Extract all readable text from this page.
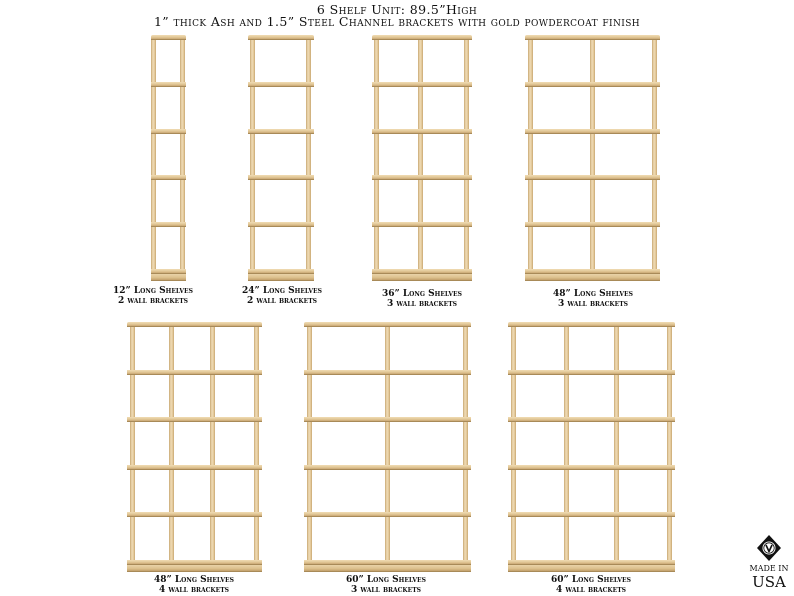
6 Shelf Unit: 89.5”High
1” thick Ash and 1.5” Steel Channel brackets with gold powdercoat finish
12” Long Shelves
2 wall brackets
24” Long Shelves
2 wall brackets
36” Long Shelves
3 wall brackets
48” Long Shelves
3 wall brackets
48” Long Shelves
4 wall brackets
60” Long Shelves
3 wall brackets
60” Long Shelves
4 wall brackets
MADE IN
USA
